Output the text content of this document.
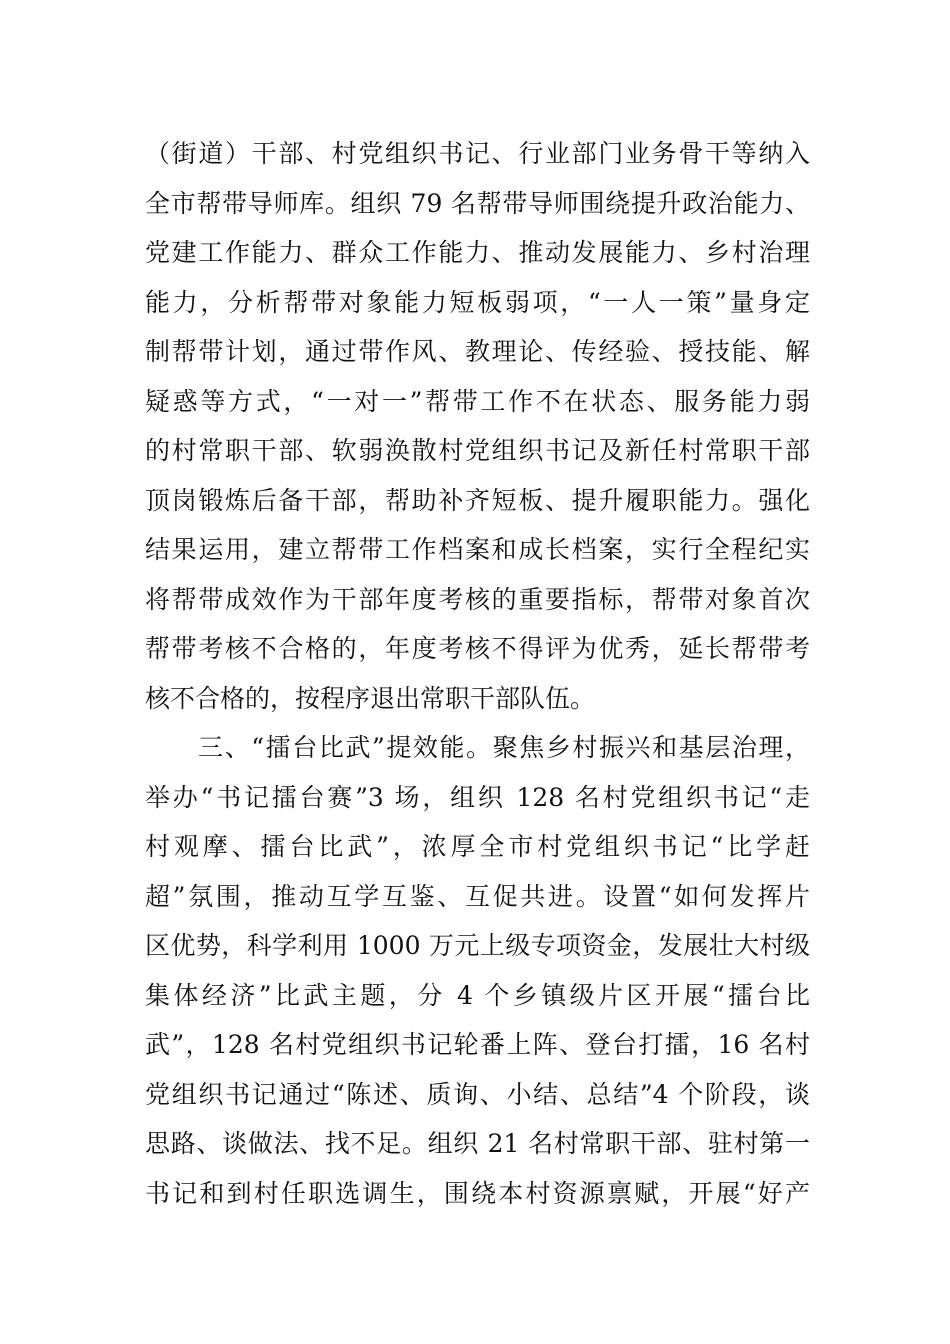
（街道）干部、村党组织书记、行业部门业务骨干等纳入
全市帮带导师库。组织 79 名帮带导师围绕提升政治能力、
党建工作能力、群众工作能力、推动发展能力、乡村治理
能力，分析帮带对象能力短板弱项，“一人一策”量身定
制帮带计划，通过带作风、教理论、传经验、授技能、解
疑惑等方式，“一对一”帮带工作不在状态、服务能力弱
的村常职干部、软弱涣散村党组织书记及新任村常职干部
顶岗锻炼后备干部，帮助补齐短板、提升履职能力。强化
结果运用，建立帮带工作档案和成长档案，实行全程纪实
将帮带成效作为干部年度考核的重要指标，帮带对象首次
帮带考核不合格的，年度考核不得评为优秀，延长帮带考
核不合格的，按程序退出常职干部队伍。
　　三、“擂台比武”提效能。聚焦乡村振兴和基层治理，
举办“书记擂台赛”3 场，组织 128 名村党组织书记“走
村观摩、擂台比武”，浓厚全市村党组织书记“比学赶
超”氛围，推动互学互鉴、互促共进。设置“如何发挥片
区优势，科学利用 1000 万元上级专项资金，发展壮大村级
集体经济”比武主题，分 4 个乡镇级片区开展“擂台比
武”，128 名村党组织书记轮番上阵、登台打擂，16 名村
党组织书记通过“陈述、质询、小结、总结”4 个阶段，谈
思路、谈做法、找不足。组织 21 名村常职干部、驻村第一
书记和到村任职选调生，围绕本村资源禀赋，开展“好产
